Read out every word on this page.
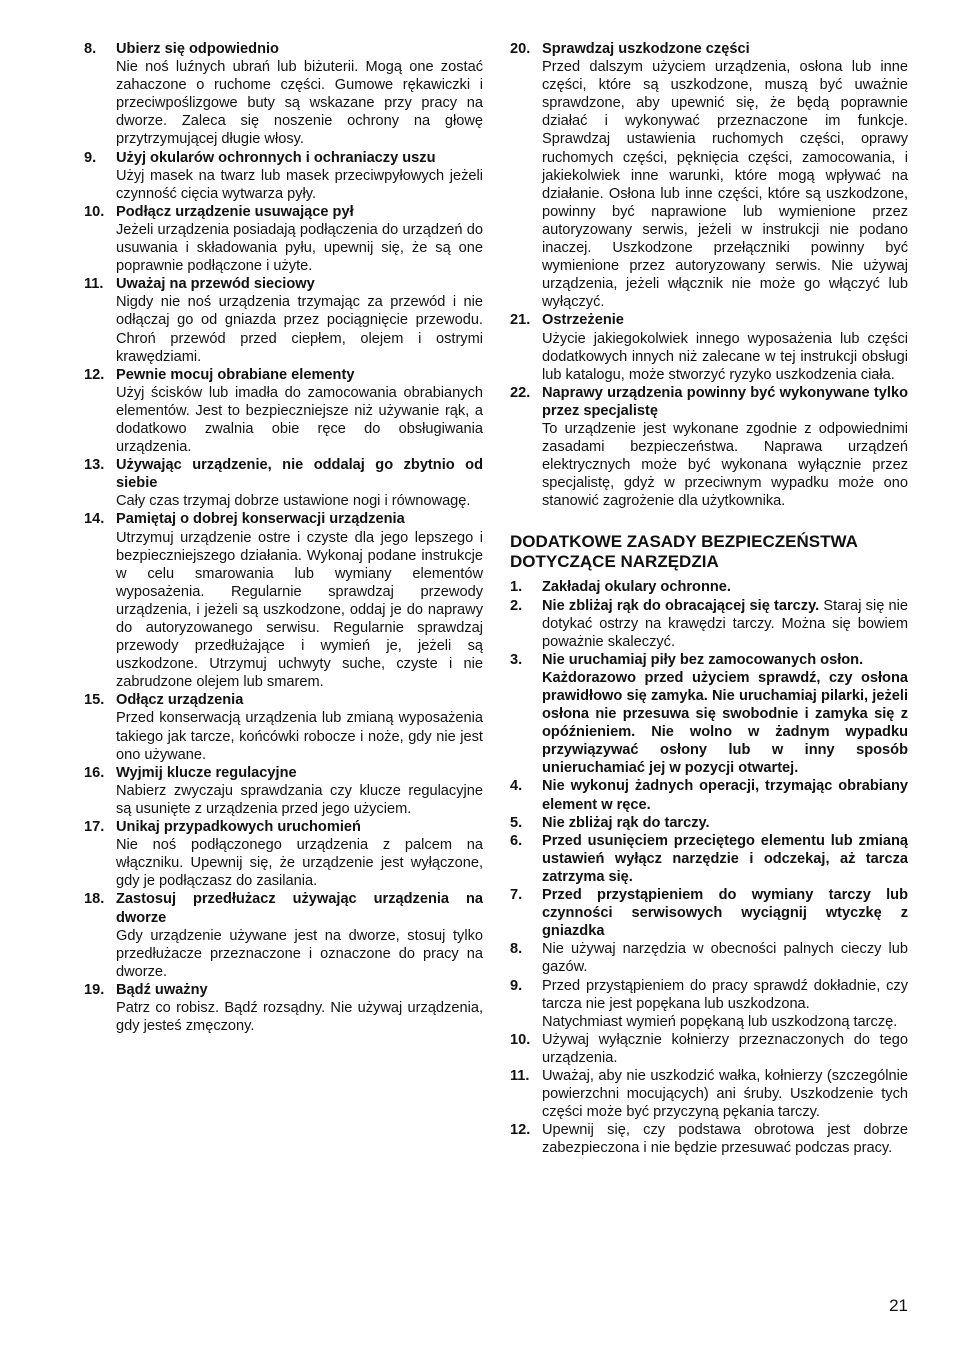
8.	Ubierz się odpowiednio
Nie noś luźnych ubrań lub biżuterii. Mogą one zostać zahaczone o ruchome części. Gumowe rękawiczki i przeciwpoślizgowe buty są wskazane przy pracy na dworze. Zaleca się noszenie ochrony na głowę przytrzymującej długie włosy.
9.	Użyj okularów ochronnych i ochraniaczy uszu
Użyj masek na twarz lub masek przeciwpyłowych jeżeli czynność cięcia wytwarza pyły.
10. Podłącz urządzenie usuwające pył
Jeżeli urządzenia posiadają podłączenia do urządzeń do usuwania i składowania pyłu, upewnij się, że są one poprawnie podłączone i użyte.
11. Uważaj na przewód sieciowy
Nigdy nie noś urządzenia trzymając za przewód i nie odłączaj go od gniazda przez pociągnięcie przewodu. Chroń przewód przed ciepłem, olejem i ostrymi krawędziami.
12. Pewnie mocuj obrabiane elementy
Użyj ścisków lub imadła do zamocowania obrabianych elementów. Jest to bezpieczniejsze niż używanie rąk, a dodatkowo zwalnia obie ręce do obsługiwania urządzenia.
13. Używając urządzenie, nie oddalaj go zbytnio od siebie
Cały czas trzymaj dobrze ustawione nogi i równowagę.
14. Pamiętaj o dobrej konserwacji urządzenia
Utrzymuj urządzenie ostre i czyste dla jego lepszego i bezpieczniejszego działania. Wykonaj podane instrukcje w celu smarowania lub wymiany elementów wyposażenia. Regularnie sprawdzaj przewody urządzenia, i jeżeli są uszkodzone, oddaj je do naprawy do autoryzowanego serwisu. Regularnie sprawdzaj przewody przedłużające i wymień je, jeżeli są uszkodzone. Utrzymuj uchwyty suche, czyste i nie zabrudzone olejem lub smarem.
15. Odłącz urządzenia
Przed konserwacją urządzenia lub zmianą wyposażenia takiego jak tarcze, końcówki robocze i noże, gdy nie jest ono używane.
16. Wyjmij klucze regulacyjne
Nabierz zwyczaju sprawdzania czy klucze regulacyjne są usunięte z urządzenia przed jego użyciem.
17. Unikaj przypadkowych uruchomień
Nie noś podłączonego urządzenia z palcem na włączniku. Upewnij się, że urządzenie jest wyłączone, gdy je podłączasz do zasilania.
18. Zastosuj przedłużacz używając urządzenia na dworze
Gdy urządzenie używane jest na dworze, stosuj tylko przedłużacze przeznaczone i oznaczone do pracy na dworze.
19. Bądź uważny
Patrz co robisz. Bądź rozsądny. Nie używaj urządzenia, gdy jesteś zmęczony.
20. Sprawdzaj uszkodzone części
Przed dalszym użyciem urządzenia, osłona lub inne części, które są uszkodzone, muszą być uważnie sprawdzone, aby upewnić się, że będą poprawnie działać i wykonywać przeznaczone im funkcje. Sprawdzaj ustawienia ruchomych części, oprawy ruchomych części, pęknięcia części, zamocowania, i jakiekolwiek inne warunki, które mogą wpływać na działanie. Osłona lub inne części, które są uszkodzone, powinny być naprawione lub wymienione przez autoryzowany serwis, jeżeli w instrukcji nie podano inaczej. Uszkodzone przełączniki powinny być wymienione przez autoryzowany serwis. Nie używaj urządzenia, jeżeli włącznik nie może go włączyć lub wyłączyć.
21. Ostrzeżenie
Użycie jakiegokolwiek innego wyposażenia lub części dodatkowych innych niż zalecane w tej instrukcji obsługi lub katalogu, może stworzyć ryzyko uszkodzenia ciała.
22. Naprawy urządzenia powinny być wykonywane tylko przez specjalistę
To urządzenie jest wykonane zgodnie z odpowiednimi zasadami bezpieczeństwa. Naprawa urządzeń elektrycznych może być wykonana wyłącznie przez specjalistę, gdyż w przeciwnym wypadku może ono stanowić zagrożenie dla użytkownika.
DODATKOWE ZASADY BEZPIECZEŃSTWA DOTYCZĄCE NARZĘDZIA
1.	Zakładaj okulary ochronne.
2.	Nie zbliżaj rąk do obracającej się tarczy. Staraj się nie dotykać ostrzy na krawędzi tarczy. Można się bowiem poważnie skaleczyć.
3.	Nie uruchamiaj piły bez zamocowanych osłon.
Każdorazowo przed użyciem sprawdź, czy osłona prawidłowo się zamyka. Nie uruchamiaj pilarki, jeżeli osłona nie przesuwa się swobodnie i zamyka się z opóźnieniem. Nie wolno w żadnym wypadku przywiązywać osłony lub w inny sposób unieruchamiać jej w pozycji otwartej.
4.	Nie wykonuj żadnych operacji, trzymając obrabiany element w ręce.
5.	Nie zbliżaj rąk do tarczy.
6.	Przed usunięciem przeciętego elementu lub zmianą ustawień wyłącz narzędzie i odczekaj, aż tarcza zatrzyma się.
7.	Przed przystąpieniem do wymiany tarczy lub czynności serwisowych wyciągnij wtyczkę z gniazdka
8.	Nie używaj narzędzia w obecności palnych cieczy lub gazów.
9.	Przed przystąpieniem do pracy sprawdź dokładnie, czy tarcza nie jest popękana lub uszkodzona.
Natychmiast wymień popękaną lub uszkodzoną tarczę.
10. Używaj wyłącznie kołnierzy przeznaczonych do tego urządzenia.
11. Uważaj, aby nie uszkodzić wałka, kołnierzy (szczególnie powierzchni mocujących) ani śruby. Uszkodzenie tych części może być przyczyną pękania tarczy.
12. Upewnij się, czy podstawa obrotowa jest dobrze zabezpieczona i nie będzie przesuwać podczas pracy.
21
